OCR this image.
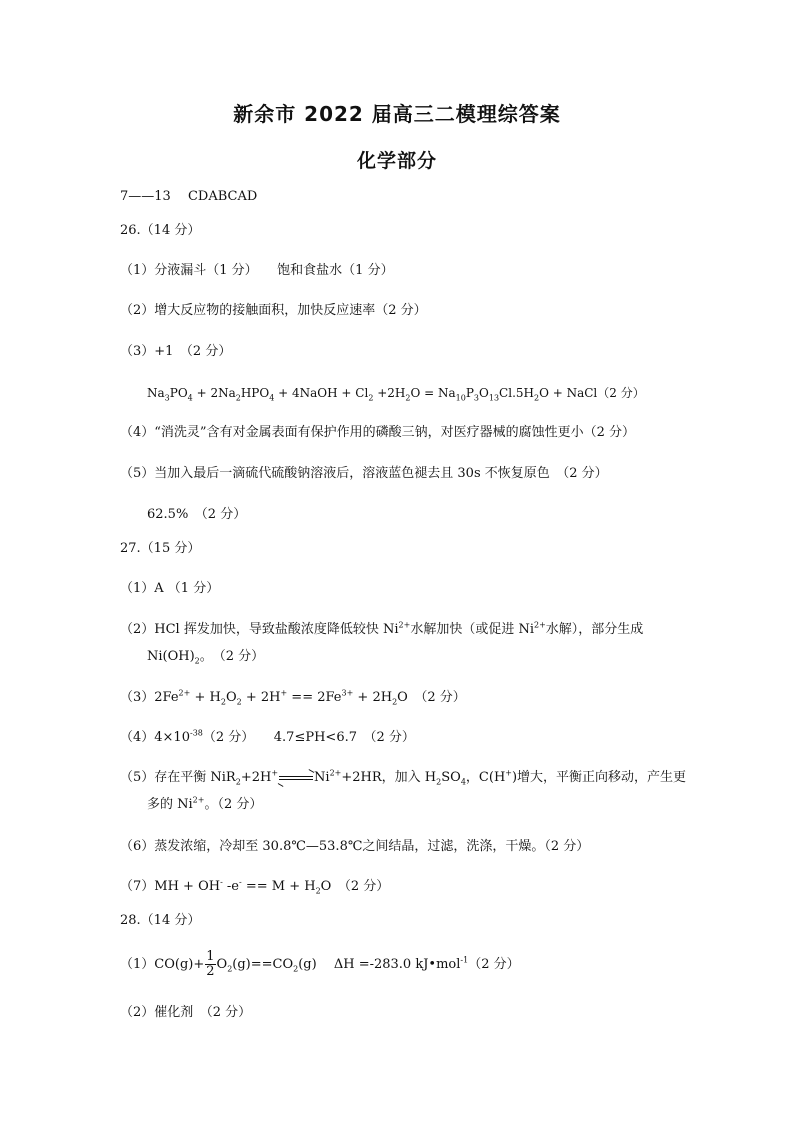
新余市 2022 届高三二模理综答案
化学部分
7——13　 CDABCAD
26.（14 分）
（1）分液漏斗（1 分）　　饱和食盐水（1 分）
（2）增大反应物的接触面积，加快反应速率（2 分）
（3）+1　（2 分）
$Na_3PO_4 + 2Na_2HPO_4$ + 4NaOH + $Cl_2 +2H_2O = Na_{10}P_3O_{13}Cl.5H_2O$ + NaCl（2 分）
（4）“消洗灵”含有对金属表面有保护作用的磷酸三钠，对医疗器械的腐蚀性更小（2 分）
（5）当加入最后一滴硫代硫酸钠溶液后，溶液蓝色褪去且 30s 不恢复原色　（2 分）
62.5%　（2 分）
27.（15 分）
（1）A （1 分）
（2）HCl 挥发加快，导致盐酸浓度降低较快 $Ni^{2+}$水解加快（或促进 $Ni^{2+}$水解），部分生成
$Ni(OH)_2$。　（2 分）
$(3)2Fe^{2+} + H_2O_2 + 2H^+ == 2Fe^{3+} + 2H_2O$　（2 分）
$(4)4\times 10^{-38}(2$ 分）　　4.7≤PH<6.7　（2 分）
（5）存在平衡 NiR$_2$+2H+	$Ni^{2+}+2HR$，加入 $H_2SO_4$，C(H+)增大，平衡正向移动，产生更
多的 $Ni^{2+}$。（2 分）
（6）蒸发浓缩，冷却至 30.8℃—53.8℃之间结晶，过滤，洗涤，干燥。（2 分）
（7）MH + OH- $-e^- == M + H_2O$　（2 分）
28.（14 分）
$(1)CO(g)+ \frac{1}{2} O_2(g)==CO_2(g)$　 ΔH =-283.0 kJ•mol$^{-1}$（2 分）
（2）催化剂　（2 分）
